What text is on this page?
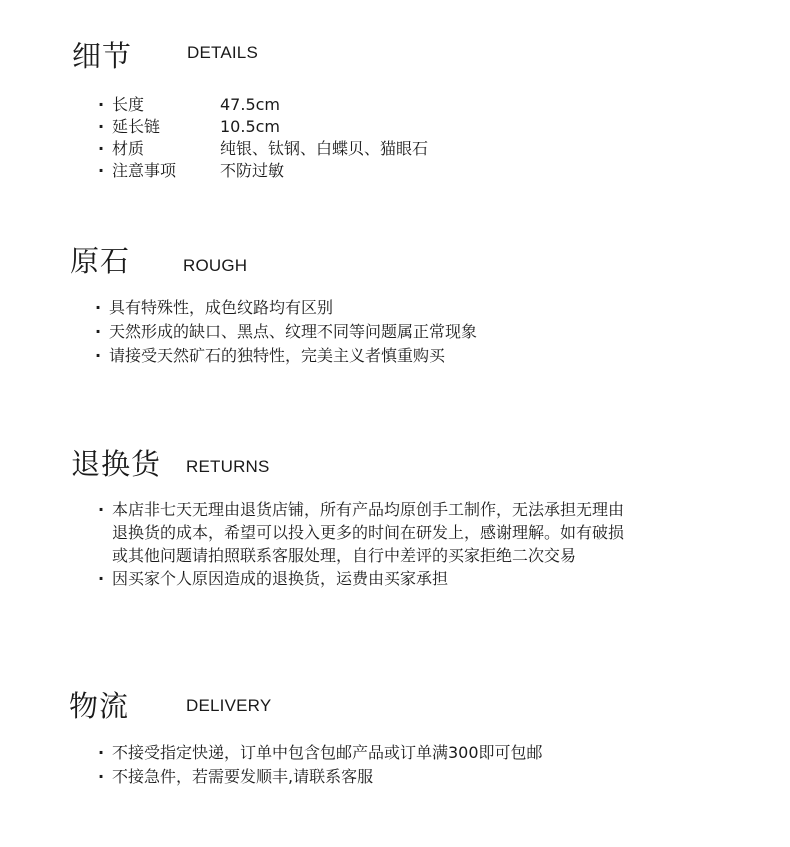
细节	DETAILS
· 长度	47.5cm
· 延长链	10.5cm
· 材质	纯银、钛钢、白蝶贝、猫眼石
· 注意事项	不防过敏
原石	ROUGH
· 具有特殊性，成色纹路均有区别
· 天然形成的缺口、黑点、纹理不同等问题属正常现象
· 请接受天然矿石的独特性，完美主义者慎重购买
退换货 RETURNS
· 本店非七天无理由退货店铺，所有产品均原创手工制作，无法承担无理由退换货的成本，希望可以投入更多的时间在研发上，感谢理解。如有破损或其他问题请拍照联系客服处理，自行中差评的买家拒绝二次交易
· 因买家个人原因造成的退换货，运费由买家承担
物流	DELIVERY
· 不接受指定快递，订单中包含包邮产品或订单满300即可包邮
· 不接急件，若需要发顺丰,请联系客服
